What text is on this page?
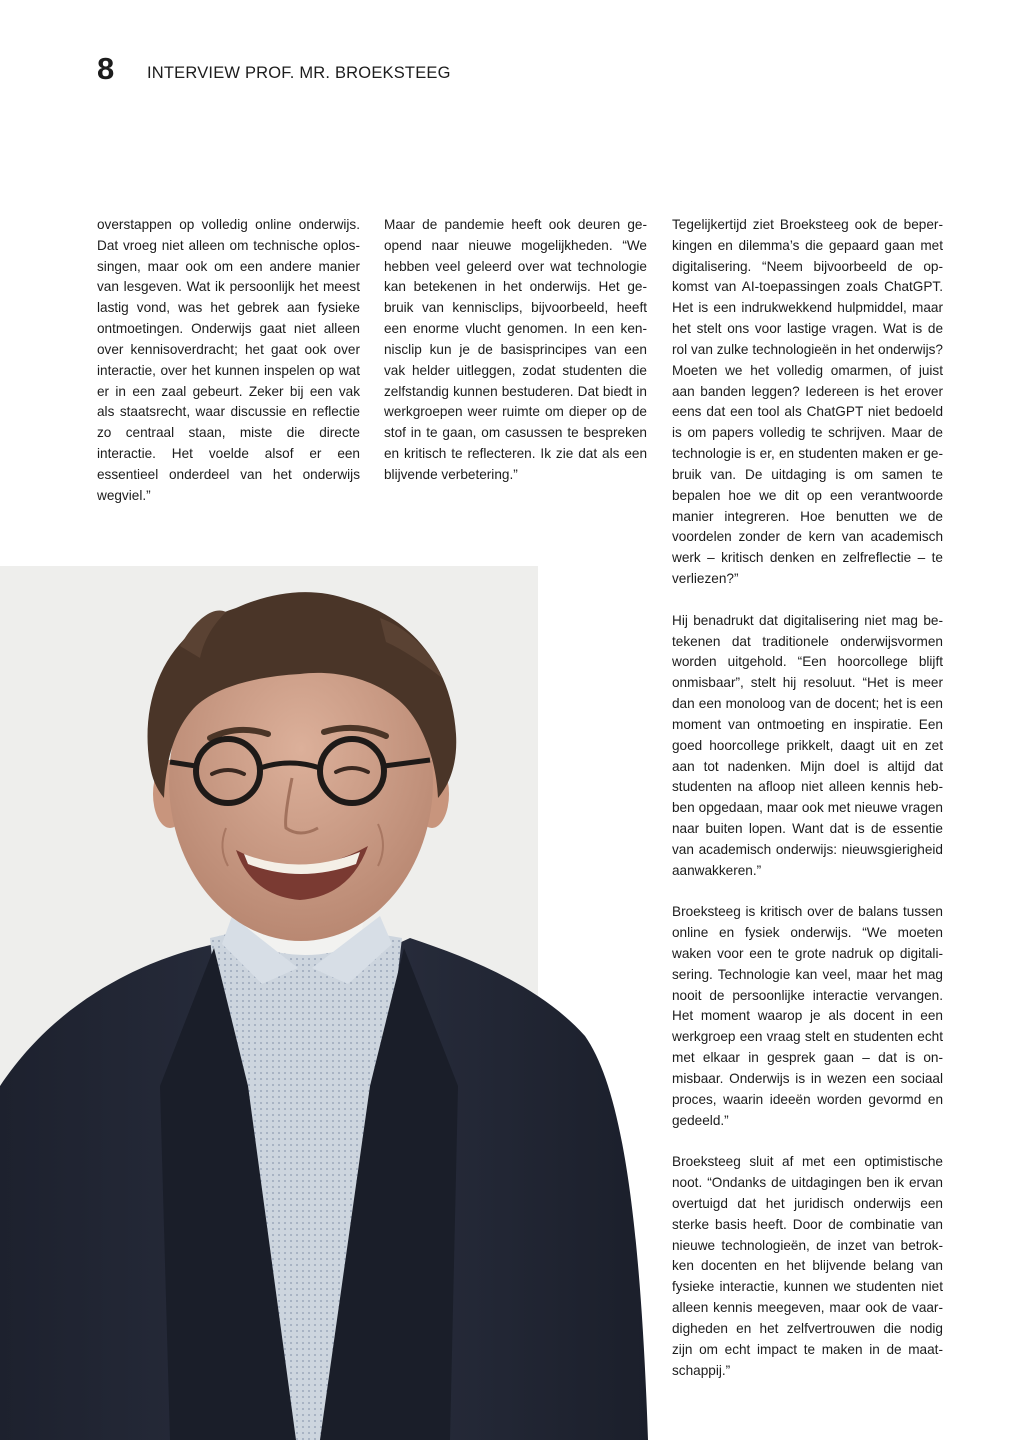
8 INTERVIEW PROF. MR. BROEKSTEEG

overstappen op volledig online onderwijs. Dat vroeg niet alleen om technische oplossingen, maar ook om een andere manier van lesgeven. Wat ik persoonlijk het meest lastig vond, was het gebrek aan fysieke ontmoetingen. Onderwijs gaat niet alleen over kennisoverdracht; het gaat ook over interactie, over het kunnen inspelen op wat er in een zaal gebeurt. Zeker bij een vak als staatsrecht, waar discussie en reflectie zo centraal staan, miste die directe interactie. Het voelde alsof er een essentieel onderdeel van het onderwijs wegviel.”

Maar de pandemie heeft ook deuren geopend naar nieuwe mogelijkheden. “We hebben veel geleerd over wat technologie kan betekenen in het onderwijs. Het gebruik van kennisclips, bijvoorbeeld, heeft een enorme vlucht genomen. In een kennisclip kun je de basisprincipes van een vak helder uitleggen, zodat studenten die zelfstandig kunnen bestuderen. Dat biedt in werkgroepen weer ruimte om dieper op de stof in te gaan, om casussen te bespreken en kritisch te reflecteren. Ik zie dat als een blijvende verbetering.”

Tegelijkertijd ziet Broeksteeg ook de beperkingen en dilemma’s die gepaard gaan met digitalisering. “Neem bijvoorbeeld de opkomst van AI-toepassingen zoals ChatGPT. Het is een indrukwekkend hulpmiddel, maar het stelt ons voor lastige vragen. Wat is de rol van zulke technologieën in het onderwijs? Moeten we het volledig omarmen, of juist aan banden leggen? Iedereen is het erover eens dat een tool als ChatGPT niet bedoeld is om papers volledig te schrijven. Maar de technologie is er, en studenten maken er gebruik van. De uitdaging is om samen te bepalen hoe we dit op een verantwoorde manier integreren. Hoe benutten we de voordelen zonder de kern van academisch werk – kritisch denken en zelfreflectie – te verliezen?”

Hij benadrukt dat digitalisering niet mag betekenen dat traditionele onderwijsvormen worden uitgehold. “Een hoorcollege blijft onmisbaar”, stelt hij resoluut. “Het is meer dan een monoloog van de docent; het is een moment van ontmoeting en inspiratie. Een goed hoorcollege prikkelt, daagt uit en zet aan tot nadenken. Mijn doel is altijd dat studenten na afloop niet alleen kennis hebben opgedaan, maar ook met nieuwe vragen naar buiten lopen. Want dat is de essentie van academisch onderwijs: nieuwsgierigheid aanwakkeren.”

Broeksteeg is kritisch over de balans tussen online en fysiek onderwijs. “We moeten waken voor een te grote nadruk op digitalisering. Technologie kan veel, maar het mag nooit de persoonlijke interactie vervangen. Het moment waarop je als docent in een werkgroep een vraag stelt en studenten echt met elkaar in gesprek gaan – dat is onmisbaar. Onderwijs is in wezen een sociaal proces, waarin ideeën worden gevormd en gedeeld.”

Broeksteeg sluit af met een optimistische noot. “Ondanks de uitdagingen ben ik ervan overtuigd dat het juridisch onderwijs een sterke basis heeft. Door de combinatie van nieuwe technologieën, de inzet van betrokken docenten en het blijvende belang van fysieke interactie, kunnen we studenten niet alleen kennis meegeven, maar ook de vaardigheden en het zelfvertrouwen die nodig zijn om echt impact te maken in de maatschappij.”
